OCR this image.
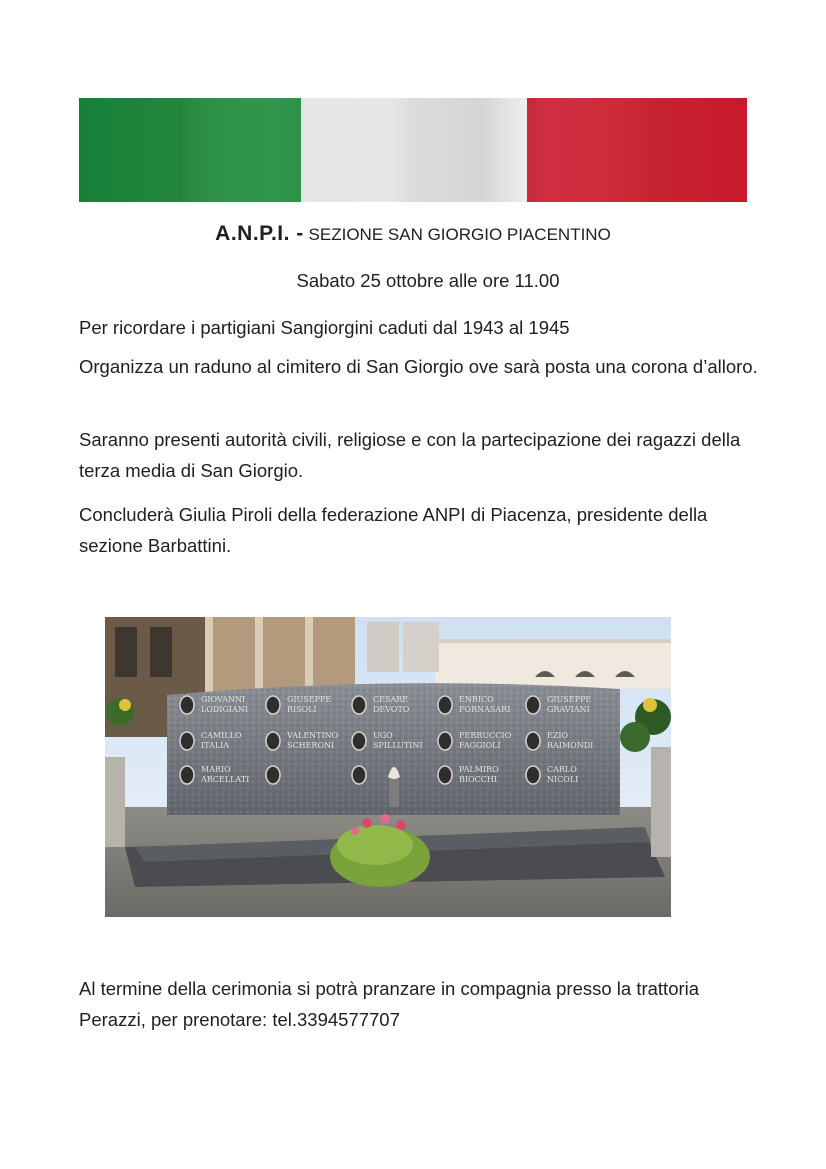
A.N.P.I. - SEZIONE SAN GIORGIO PIACENTINO
Sabato 25 ottobre alle ore 11.00

Per ricordare i partigiani Sangiorgini caduti dal 1943 al 1945

Organizza un raduno al cimitero di San Giorgio ove sarà posta una corona d’alloro.

Saranno presenti autorità civili, religiose e con la partecipazione dei ragazzi della terza media di San Giorgio.

Concluderà Giulia Piroli della federazione ANPI di Piacenza, presidente della sezione Barbattini.

GIOVANNI
LODIGIANI
GIUSEPPE
RISOLI
CESARE
DEVOTO
ENRICO
FORNASARI
GIUSEPPE
GRAVIANI
CAMILLO
ITALIA
VALENTINO
SCHERONI
UGO
SPILLUTINI
FERRUCCIO
FAGGIOLI
EZIO
RAIMONDI
MARIO
ARCELLATI
PALMIRO
BIOCCHI
CARLO
NICOLI

Al termine della cerimonia si potrà pranzare in compagnia presso la trattoria Perazzi, per prenotare: tel.3394577707
